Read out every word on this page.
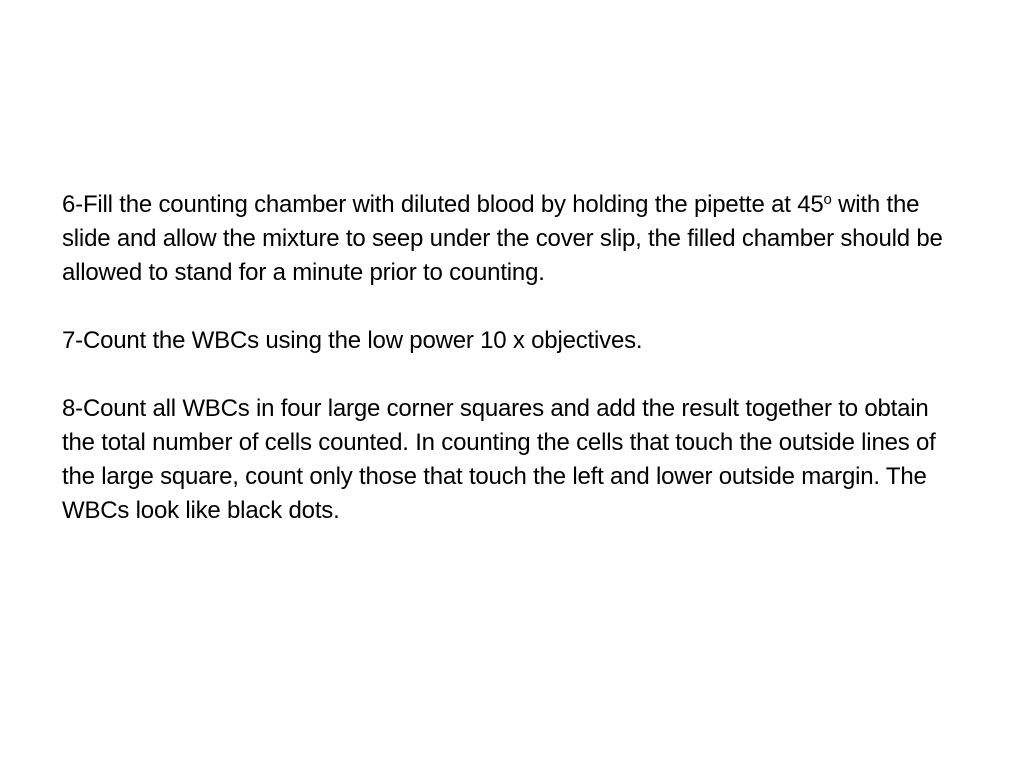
6-Fill the counting chamber with diluted blood by holding the pipette at 45$^o$ with the slide and allow the mixture to seep under the cover slip, the filled chamber should be allowed to stand for a minute prior to counting.

7-Count the WBCs using the low power 10 x objectives.

8-Count all WBCs in four large corner squares and add the result together to obtain the total number of cells counted. In counting the cells that touch the outside lines of the large square, count only those that touch the left and lower outside margin. The WBCs look like black dots.
